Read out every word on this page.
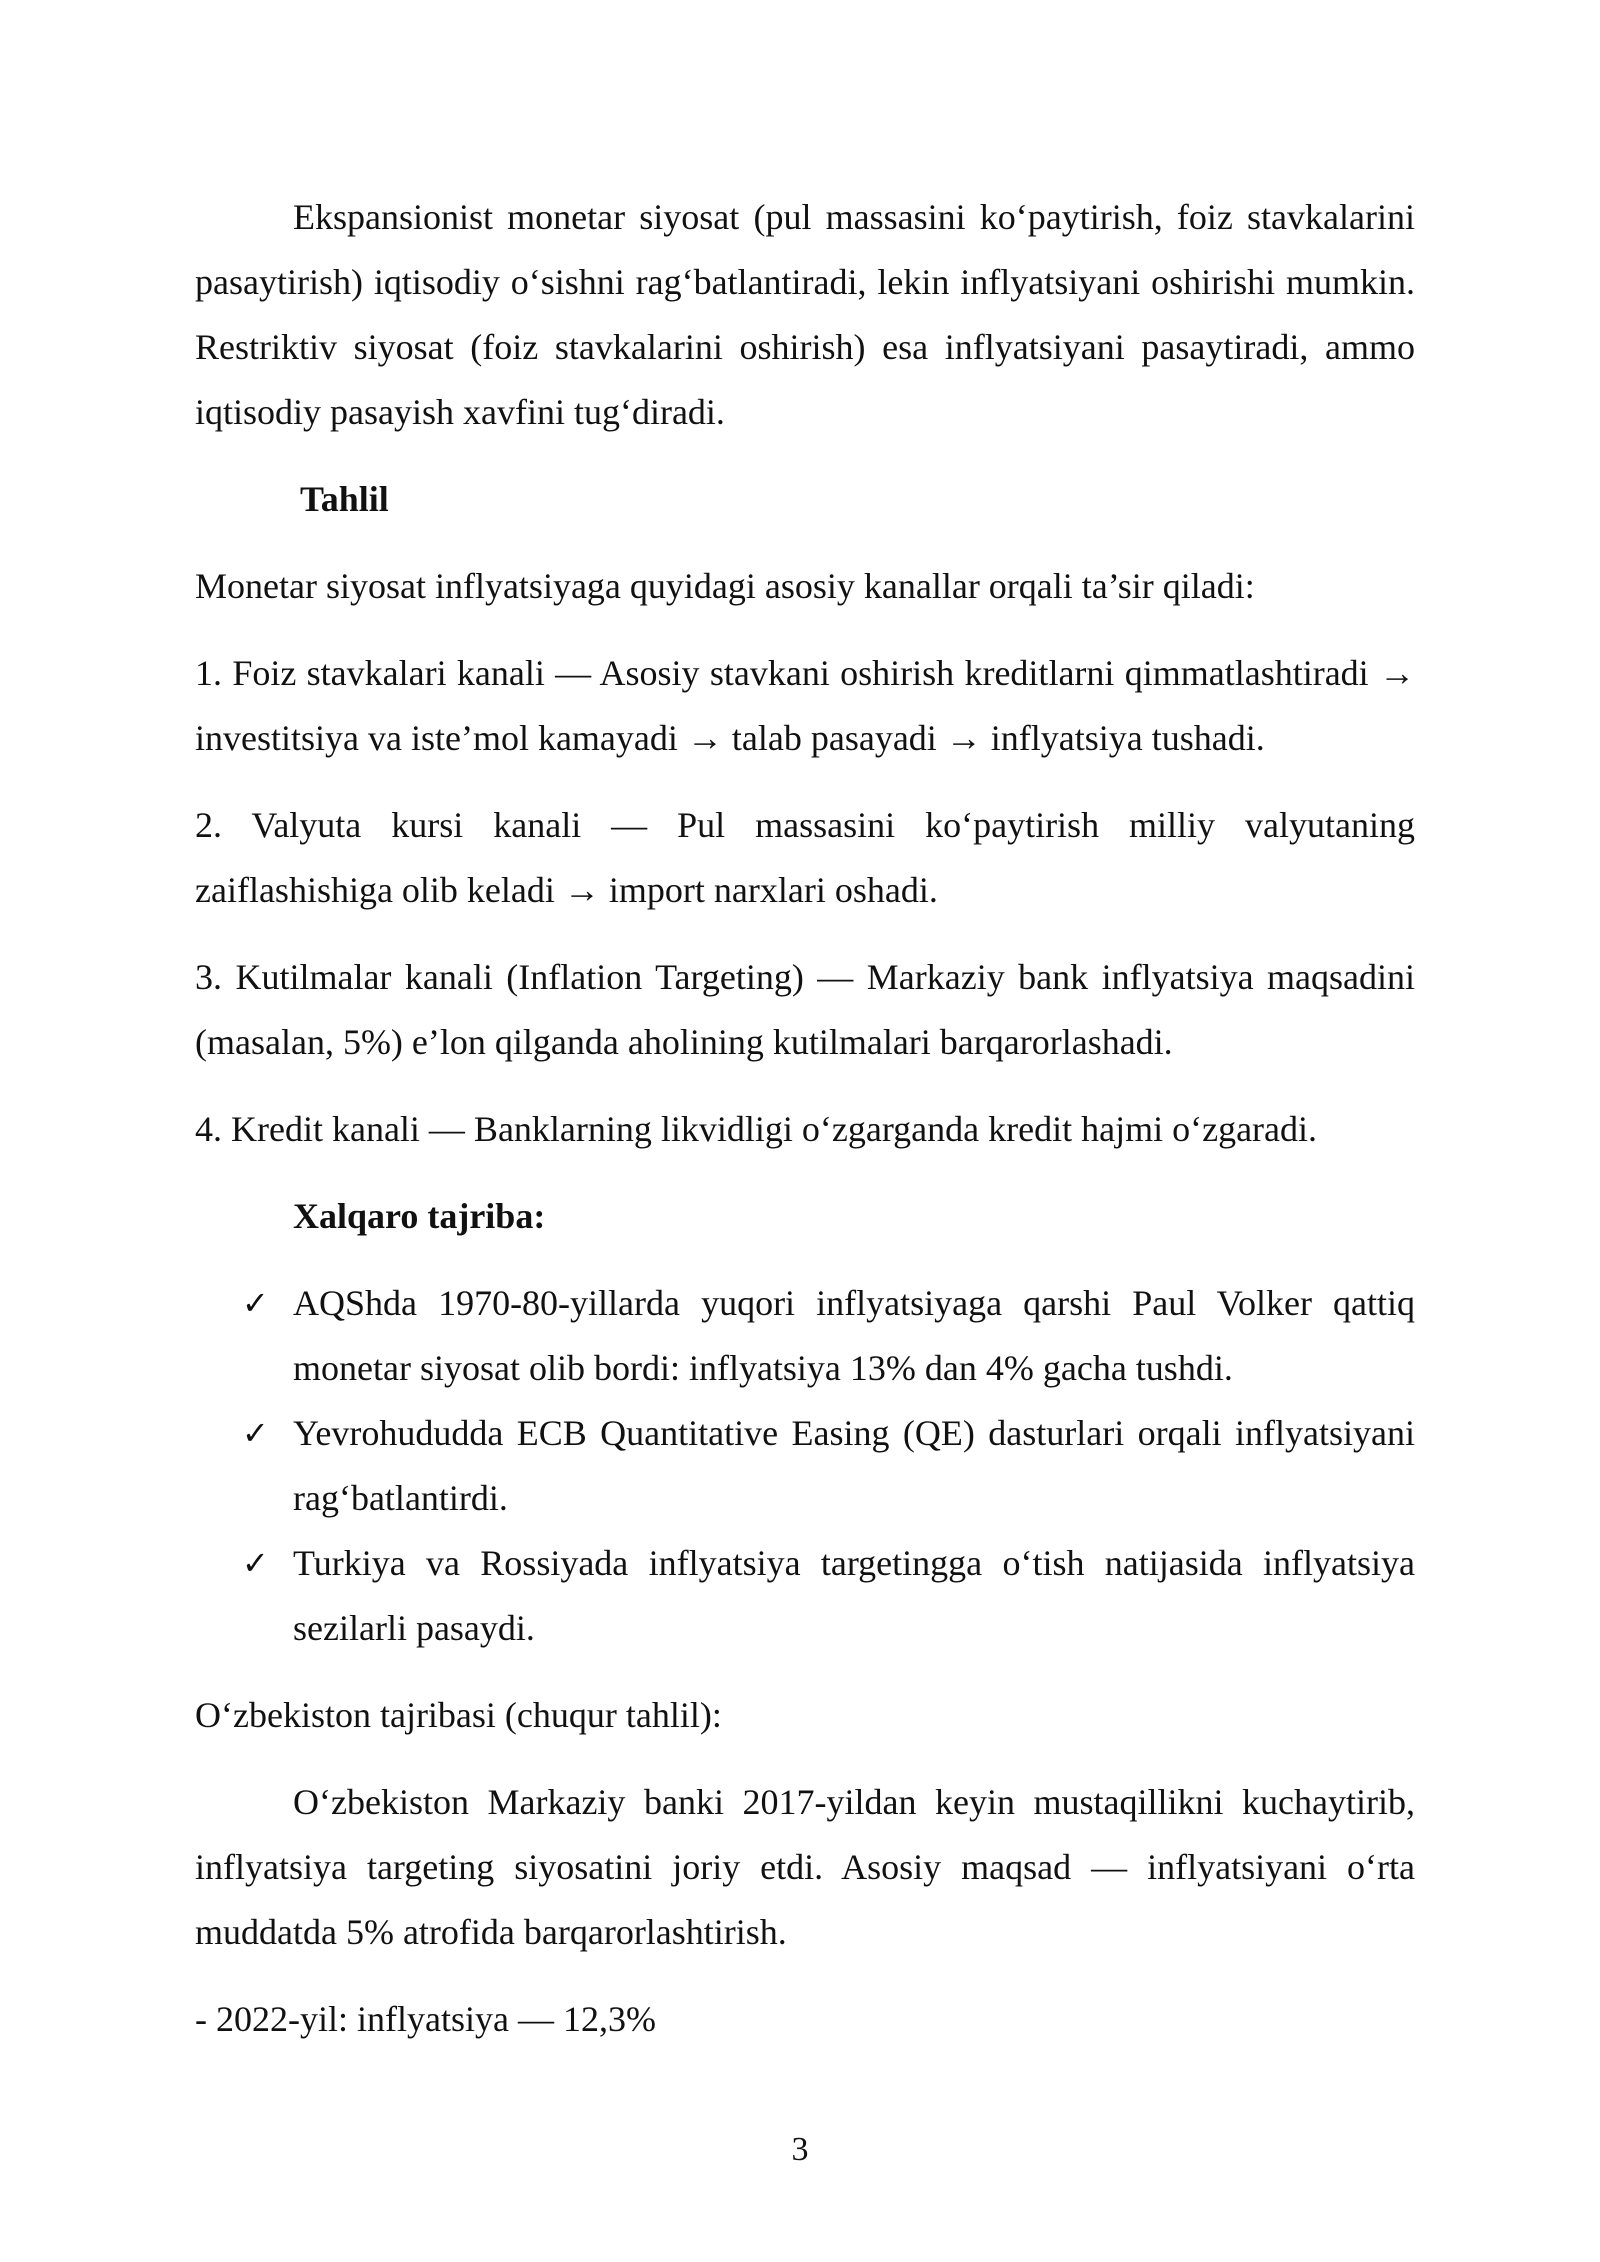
Ekspansionist monetar siyosat (pul massasini ko‘paytirish, foiz stavkalarini pasaytirish) iqtisodiy o‘sishni rag‘batlantiradi, lekin inflyatsiyani oshirishi mumkin. Restriktiv siyosat (foiz stavkalarini oshirish) esa inflyatsiyani pasaytiradi, ammo iqtisodiy pasayish xavfini tug‘diradi.

Tahlil

Monetar siyosat inflyatsiyaga quyidagi asosiy kanallar orqali ta’sir qiladi:

1. Foiz stavkalari kanali — Asosiy stavkani oshirish kreditlarni qimmatlashtiradi → investitsiya va iste’mol kamayadi → talab pasayadi → inflyatsiya tushadi.

2. Valyuta kursi kanali — Pul massasini ko‘paytirish milliy valyutaning zaiflashishiga olib keladi → import narxlari oshadi.

3. Kutilmalar kanali (Inflation Targeting) — Markaziy bank inflyatsiya maqsadini (masalan, 5%) e’lon qilganda aholining kutilmalari barqarorlashadi.

4. Kredit kanali — Banklarning likvidligi o‘zgarganda kredit hajmi o‘zgaradi.

Xalqaro tajriba:

✓ AQShda 1970-80-yillarda yuqori inflyatsiyaga qarshi Paul Volker qattiq monetar siyosat olib bordi: inflyatsiya 13% dan 4% gacha tushdi.
✓ Yevrohududda ECB Quantitative Easing (QE) dasturlari orqali inflyatsiyani rag‘batlantirdi.
✓ Turkiya va Rossiyada inflyatsiya targetingga o‘tish natijasida inflyatsiya sezilarli pasaydi.

O‘zbekiston tajribasi (chuqur tahlil):

O‘zbekiston Markaziy banki 2017-yildan keyin mustaqillikni kuchaytirib, inflyatsiya targeting siyosatini joriy etdi. Asosiy maqsad — inflyatsiyani o‘rta muddatda 5% atrofida barqarorlashtirish.

- 2022-yil: inflyatsiya — 12,3%

3
